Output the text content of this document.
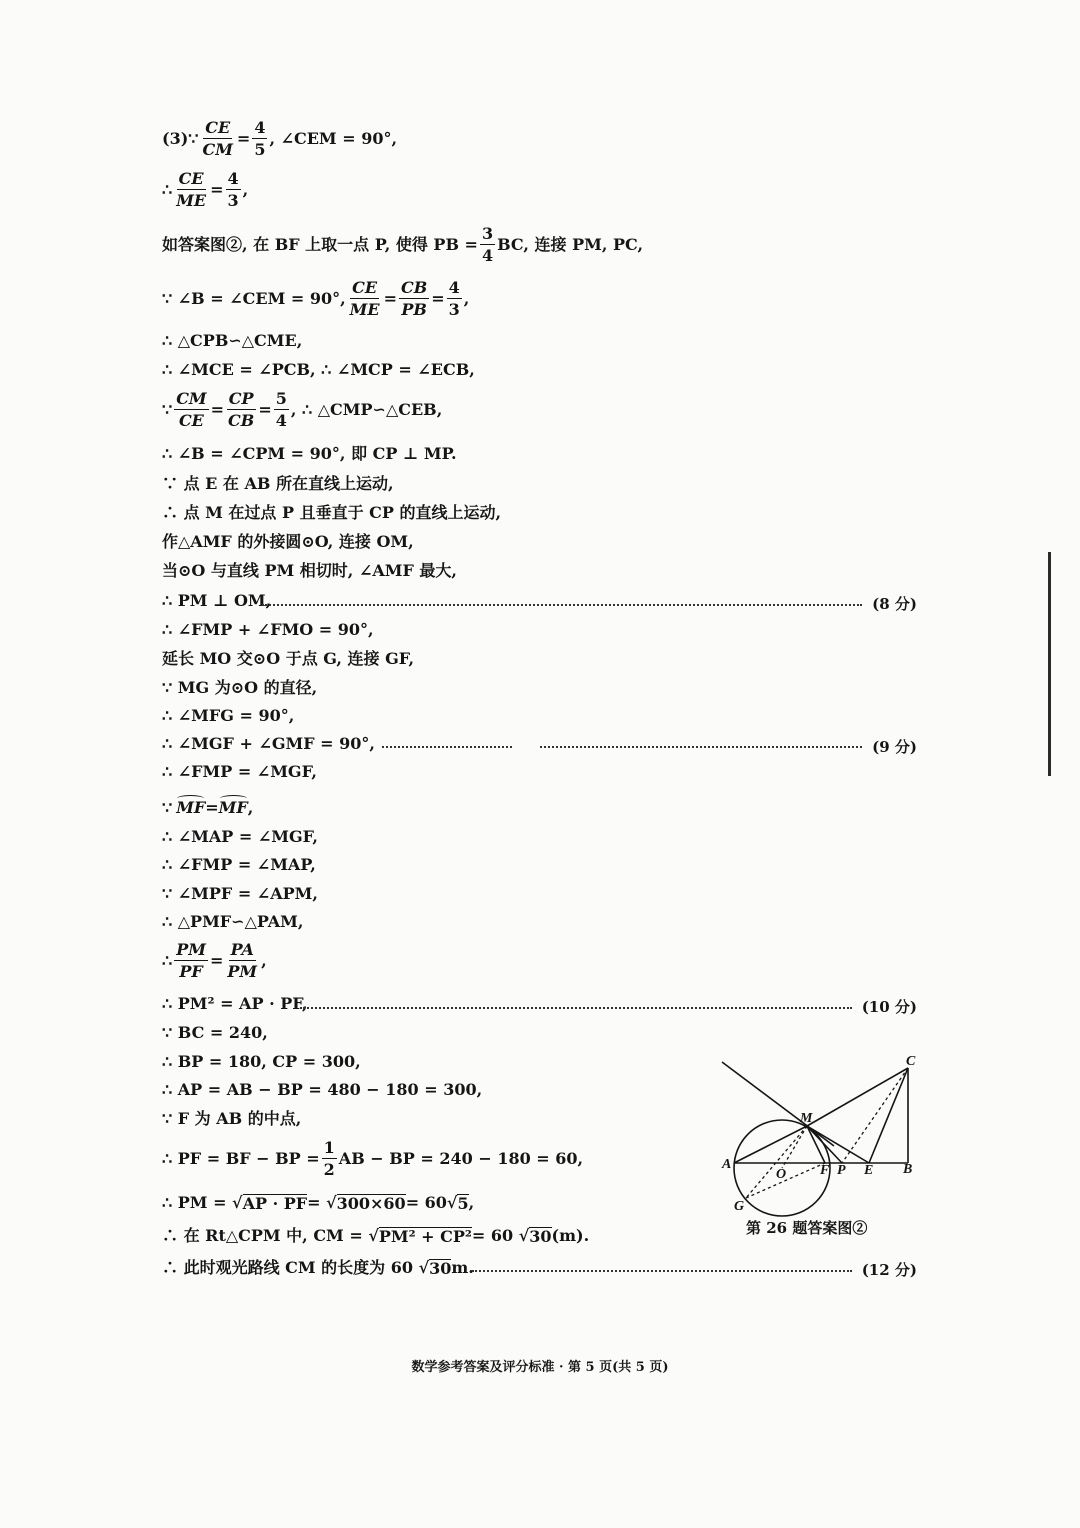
(3)∵ $\frac{CE}{CM} = \frac{4}{5}$ , ∠CEM = 90°,
∴ $\frac{CE}{ME} = \frac{4}{3}$ ,
如答案图②, 在 BF 上取一点 P, 使得 PB = $\frac{3}{4}$ BC, 连接 PM, PC,
∵ ∠B = ∠CEM = 90°, $\frac{CE}{ME} = \frac{CB}{PB} = \frac{4}{3}$ ,
∴ △CPB∽△CME,
∴ ∠MCE = ∠PCB, ∴ ∠MCP = ∠ECB,
∵ $\frac{CM}{CE} = \frac{CP}{CB} = \frac{5}{4}$ , ∴ △CMP∽△CEB,
∴ ∠B = ∠CPM = 90°, 即 CP ⊥ MP.
∵ 点 E 在 AB 所在直线上运动,
∴ 点 M 在过点 P 且垂直于 CP 的直线上运动,
作△AMF 的外接圆⊙O, 连接 OM,
当⊙O 与直线 PM 相切时, ∠AMF 最大,
∴ PM ⊥ OM,	(8 分)
∴ ∠FMP + ∠FMO = 90°,
延长 MO 交⊙O 于点 G, 连接 GF,
∵ MG 为⊙O 的直径,
∴ ∠MFG = 90°,
∴ ∠MGF + ∠GMF = 90°,	(9 分)
∴ ∠FMP = ∠MGF,
∵ MF = MF ,
∴ ∠MAP = ∠MGF,
∴ ∠FMP = ∠MAP,
∵ ∠MPF = ∠APM,
∴ △PMF∽△PAM,
∴ $\frac{PM}{PF} = \frac{PA}{PM}$ ,
∴ PM² = AP · PF,	(10 分)
∵ BC = 240,
∴ BP = 180, CP = 300,
∴ AP = AB − BP = 480 − 180 = 300,
∵ F 为 AB 的中点,
∴ PF = BF − BP = $\frac{1}{2}$ AB − BP = 240 − 180 = 60,
∴ PM = √ AP · PF = √ 300×60 = 60√ 5 ,
∴ 在 Rt△CPM 中, CM = √ PM² + CP² = 60 √ 30 (m).
∴ 此时观光路线 CM 的长度为 60 √ 30 m.	(12 分)
A	B
C
M
O F P E
G
第 26 题答案图②
数学参考答案及评分标准 · 第 5 页(共 5 页)
